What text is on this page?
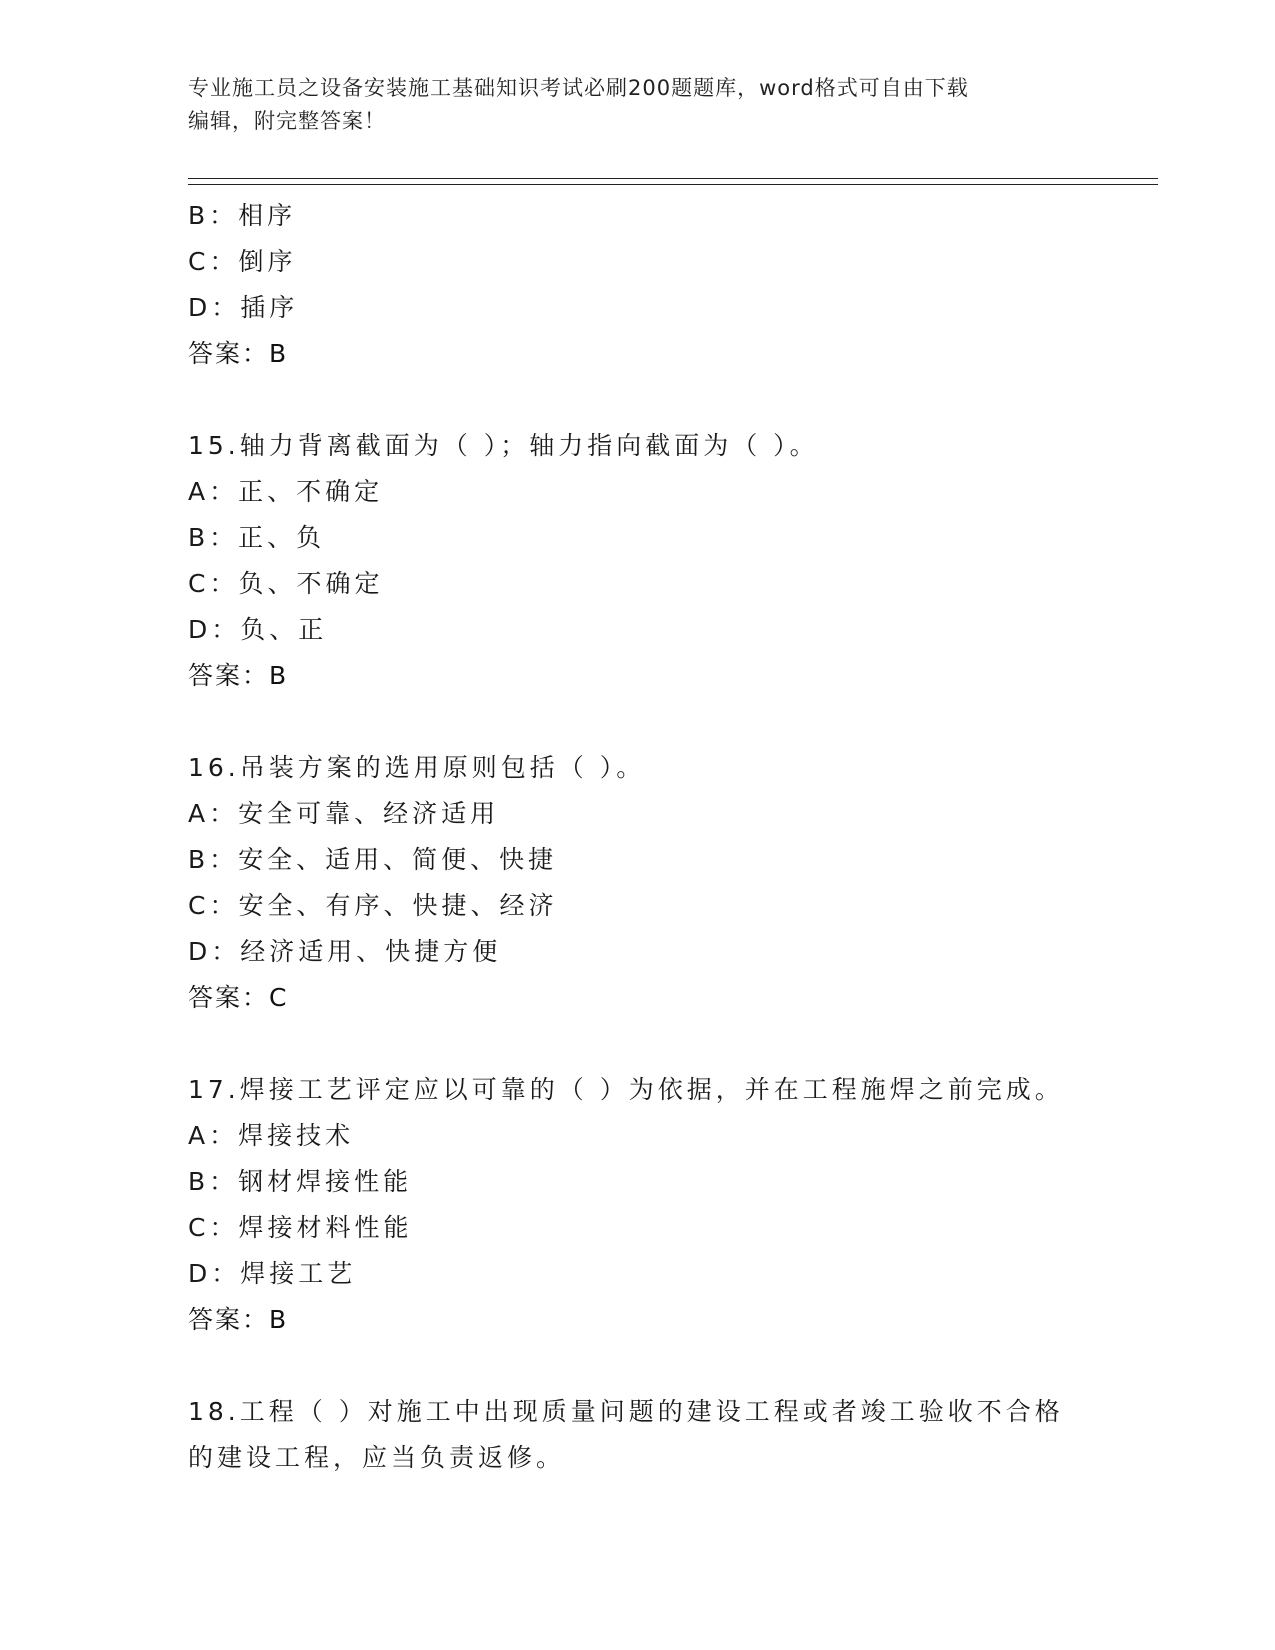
专业施工员之设备安装施工基础知识考试必刷200题题库，word格式可自由下载
编辑，附完整答案！
B：相序
C：倒序
D：插序
答案：B
15.轴力背离截面为（ ）；轴力指向截面为（ ）。
A：正、不确定
B：正、负
C：负、不确定
D：负、正
答案：B
16.吊装方案的选用原则包括（ ）。
A：安全可靠、经济适用
B：安全、适用、简便、快捷
C：安全、有序、快捷、经济
D：经济适用、快捷方便
答案：C
17.焊接工艺评定应以可靠的（ ）为依据，并在工程施焊之前完成。
A：焊接技术
B：钢材焊接性能
C：焊接材料性能
D：焊接工艺
答案：B
18.工程（ ）对施工中出现质量问题的建设工程或者竣工验收不合格
的建设工程，应当负责返修。
